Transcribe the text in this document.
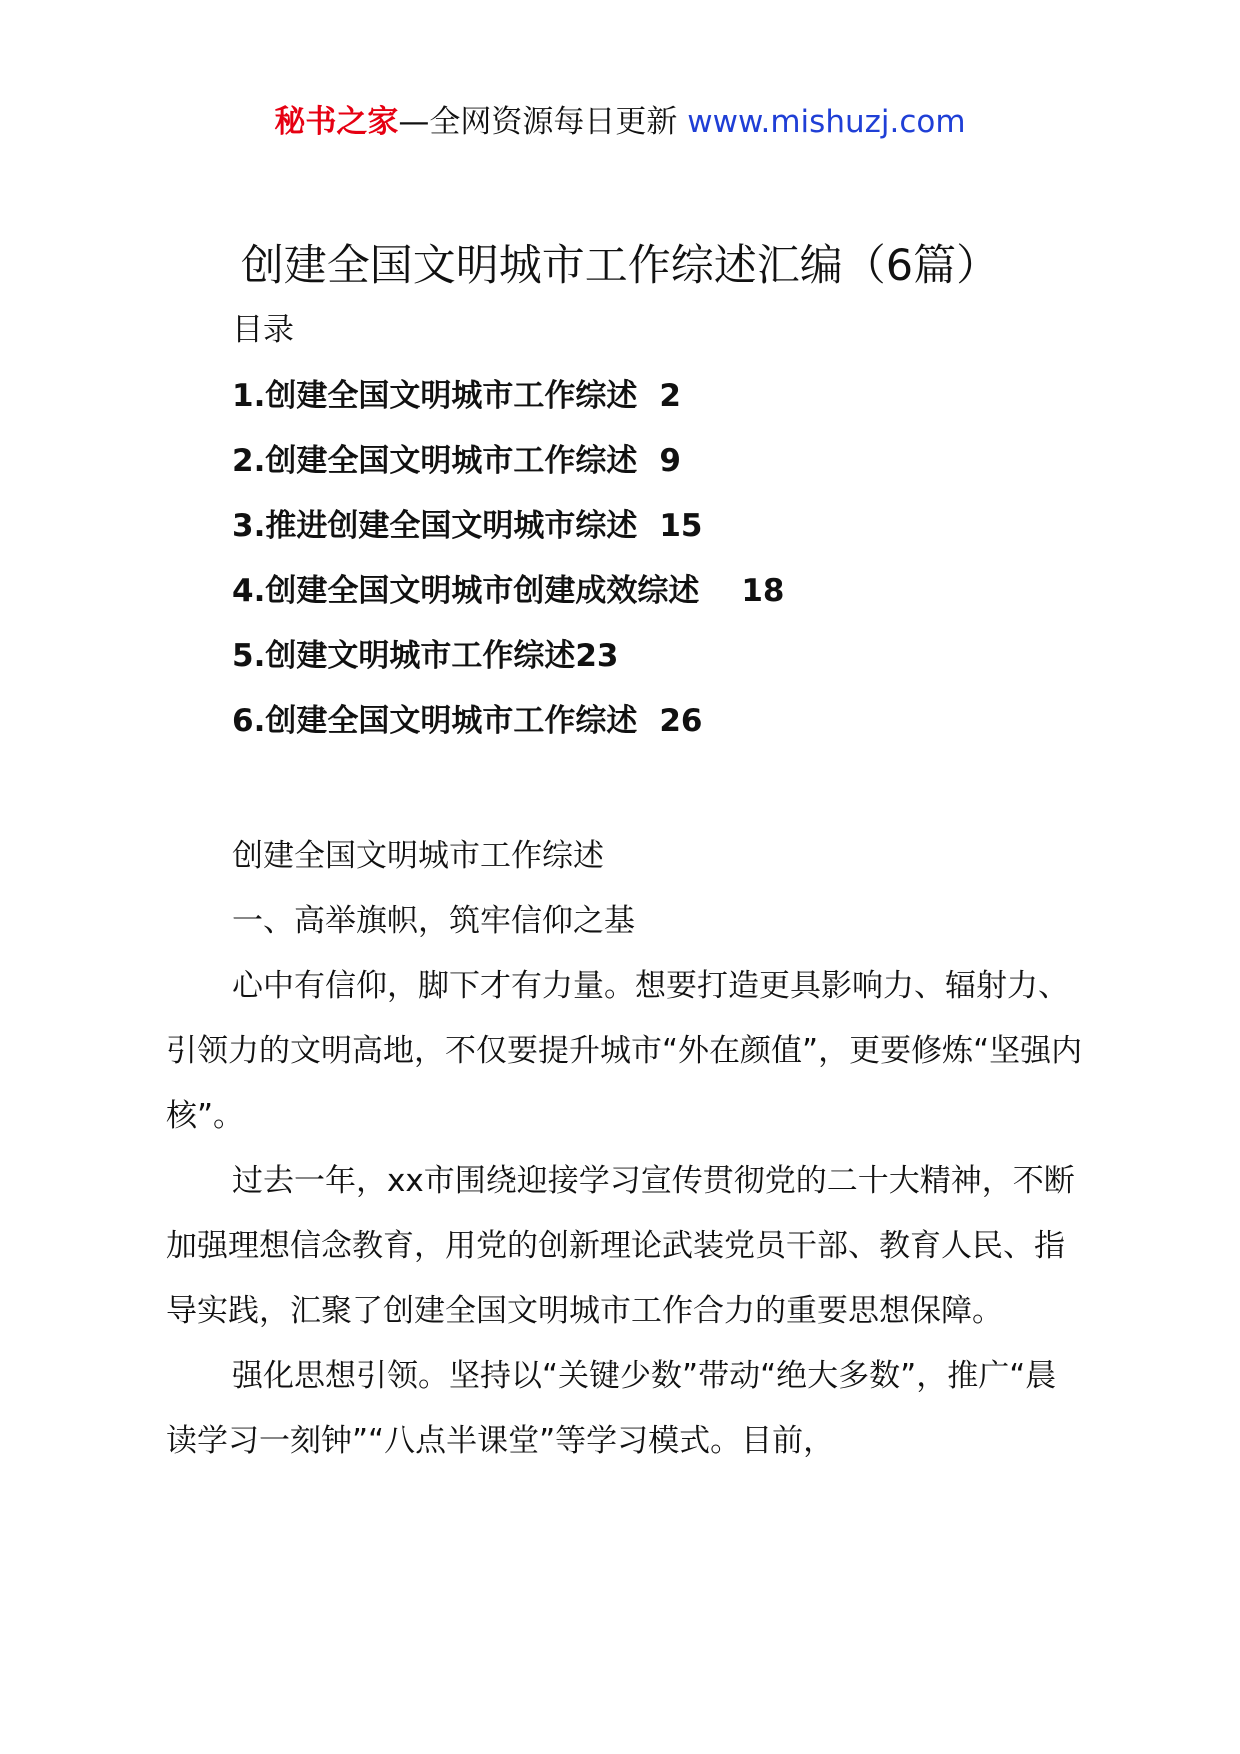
秘书之家—全网资源每日更新 www.mishuzj.com
创建全国文明城市工作综述汇编（6篇）
目录
1.创建全国文明城市工作综述 2
2.创建全国文明城市工作综述 9
3.推进创建全国文明城市综述 15
4.创建全国文明城市创建成效综述 18
5.创建文明城市工作综述23
6.创建全国文明城市工作综述 26

创建全国文明城市工作综述

一、高举旗帜，筑牢信仰之基

心中有信仰，脚下才有力量。想要打造更具影响力、辐射力、引领力的文明高地，不仅要提升城市“外在颜值”，更要修炼“坚强内核”。

过去一年，xx市围绕迎接学习宣传贯彻党的二十大精神，不断加强理想信念教育，用党的创新理论武装党员干部、教育人民、指导实践，汇聚了创建全国文明城市工作合力的重要思想保障。

强化思想引领。坚持以“关键少数”带动“绝大多数”，推广“晨读学习一刻钟”“八点半课堂”等学习模式。目前，
